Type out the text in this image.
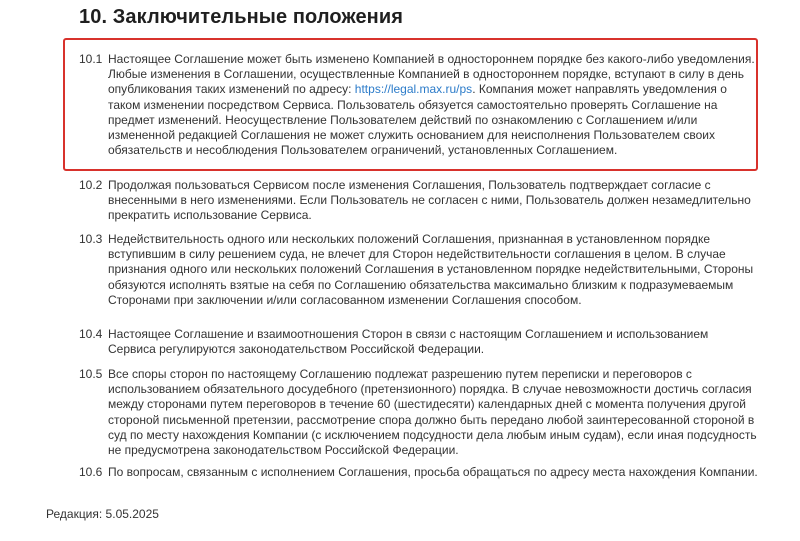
10. Заключительные положения
10.1 Настоящее Соглашение может быть изменено Компанией в одностороннем порядке без какого-либо уведомления. Любые изменения в Соглашении, осуществленные Компанией в одностороннем порядке, вступают в силу в день опубликования таких изменений по адресу: https://legal.max.ru/ps. Компания может направлять уведомления о таком изменении посредством Сервиса. Пользователь обязуется самостоятельно проверять Соглашение на предмет изменений. Неосуществление Пользователем действий по ознакомлению с Соглашением и/или измененной редакцией Соглашения не может служить основанием для неисполнения Пользователем своих обязательств и несоблюдения Пользователем ограничений, установленных Соглашением.
10.2 Продолжая пользоваться Сервисом после изменения Соглашения, Пользователь подтверждает согласие с внесенными в него изменениями. Если Пользователь не согласен с ними, Пользователь должен незамедлительно прекратить использование Сервиса.
10.3 Недействительность одного или нескольких положений Соглашения, признанная в установленном порядке вступившим в силу решением суда, не влечет для Сторон недействительности соглашения в целом. В случае признания одного или нескольких положений Соглашения в установленном порядке недействительными, Стороны обязуются исполнять взятые на себя по Соглашению обязательства максимально близким к подразумеваемым Сторонами при заключении и/или согласованном изменении Соглашения способом.
10.4 Настоящее Соглашение и взаимоотношения Сторон в связи с настоящим Соглашением и использованием Сервиса регулируются законодательством Российской Федерации.
10.5 Все споры сторон по настоящему Соглашению подлежат разрешению путем переписки и переговоров с использованием обязательного досудебного (претензионного) порядка. В случае невозможности достичь согласия между сторонами путем переговоров в течение 60 (шестидесяти) календарных дней с момента получения другой стороной письменной претензии, рассмотрение спора должно быть передано любой заинтересованной стороной в суд по месту нахождения Компании (с исключением подсудности дела любым иным судам), если иная подсудность не предусмотрена законодательством Российской Федерации.
10.6 По вопросам, связанным с исполнением Соглашения, просьба обращаться по адресу места нахождения Компании.
Редакция: 5.05.2025
